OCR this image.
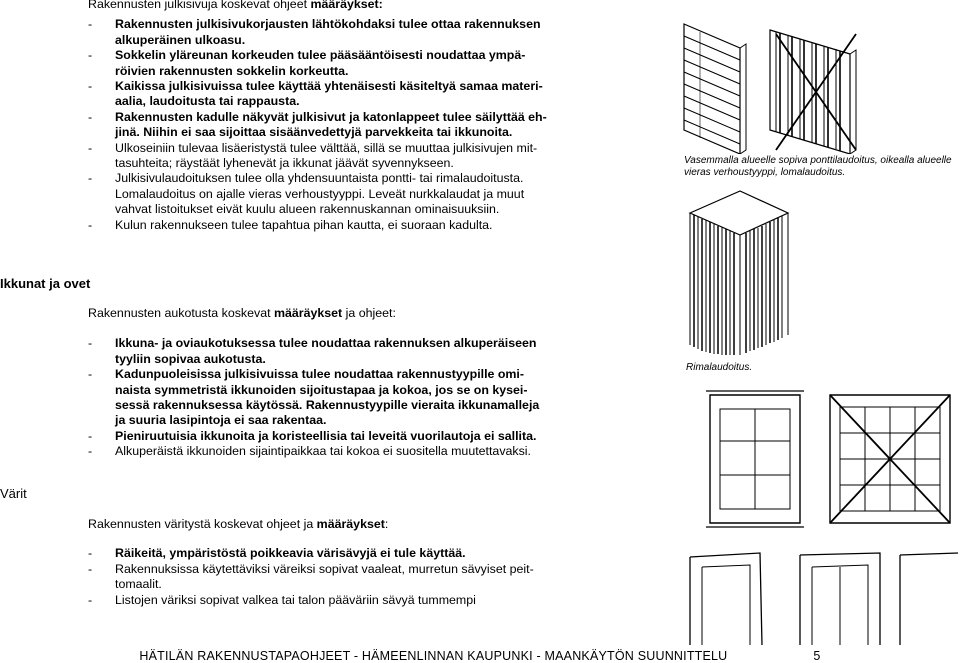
Rakennusten julkisivuja koskevat ohjeet määräykset:
- Rakennusten julkisivukorjausten lähtökohdaksi tulee ottaa rakennuksen
alkuperäinen ulkoasu.
- Sokkelin yläreunan korkeuden tulee pääsääntöisesti noudattaa ympä-
röivien rakennusten sokkelin korkeutta.
- Kaikissa julkisivuissa tulee käyttää yhtenäisesti käsiteltyä samaa materi-
aalia, laudoitusta tai rappausta.
- Rakennusten kadulle näkyvät julkisivut ja katonlappeet tulee säilyttää eh-
jinä. Niihin ei saa sijoittaa sisäänvedettyjä parvekkeita tai ikkunoita.
- Ulkoseiniin tulevaa lisäeristystä tulee välttää, sillä se muuttaa julkisivujen mit-
tasuhteita; räystäät lyhenevät ja ikkunat jäävät syvennykseen.
- Julkisivulaudoituksen tulee olla yhdensuuntaista pontti- tai rimalaudoitusta.
Lomalaudoitus on ajalle vieras verhoustyyppi. Leveät nurkkalaudat ja muut
vahvat listoitukset eivät kuulu alueen rakennuskannan ominaisuuksiin.
- Kulun rakennukseen tulee tapahtua pihan kautta, ei suoraan kadulta.
Ikkunat ja ovet
Rakennusten aukotusta koskevat määräykset ja ohjeet:
- Ikkuna- ja oviaukotuksessa tulee noudattaa rakennuksen alkuperäiseen
tyyliin sopivaa aukotusta.
- Kadunpuoleisissa julkisivuissa tulee noudattaa rakennustyypille omi-
naista symmetristä ikkunoiden sijoitustapaa ja kokoa, jos se on kysei-
sessä rakennuksessa käytössä. Rakennustyypille vieraita ikkunamalleja
ja suuria lasipintoja ei saa rakentaa.
- Pieniruutuisia ikkunoita ja koristeellisia tai leveitä vuorilautoja ei sallita.
- Alkuperäistä ikkunoiden sijaintipaikkaa tai kokoa ei suositella muutettavaksi.
Värit
Rakennusten väritystä koskevat ohjeet ja määräykset:
- Räikeitä, ympäristöstä poikkeavia värisävyjä ei tule käyttää.
- Rakennuksissa käytettäviksi väreiksi sopivat vaaleat, murretun sävyiset peit-
tomaalit.
- Listojen väriksi sopivat valkea tai talon pääväriin sävyä tummempi
Vasemmalla alueelle sopiva ponttilaudoitus, oikealla alueelle
vieras verhoustyyppi, lomalaudoitus.
Rimalaudoitus.
HÄTILÄN RAKENNUSTAPAOHJEET - HÄMEENLINNAN KAUPUNKI - MAANKÄYTÖN SUUNNITTELU	5
